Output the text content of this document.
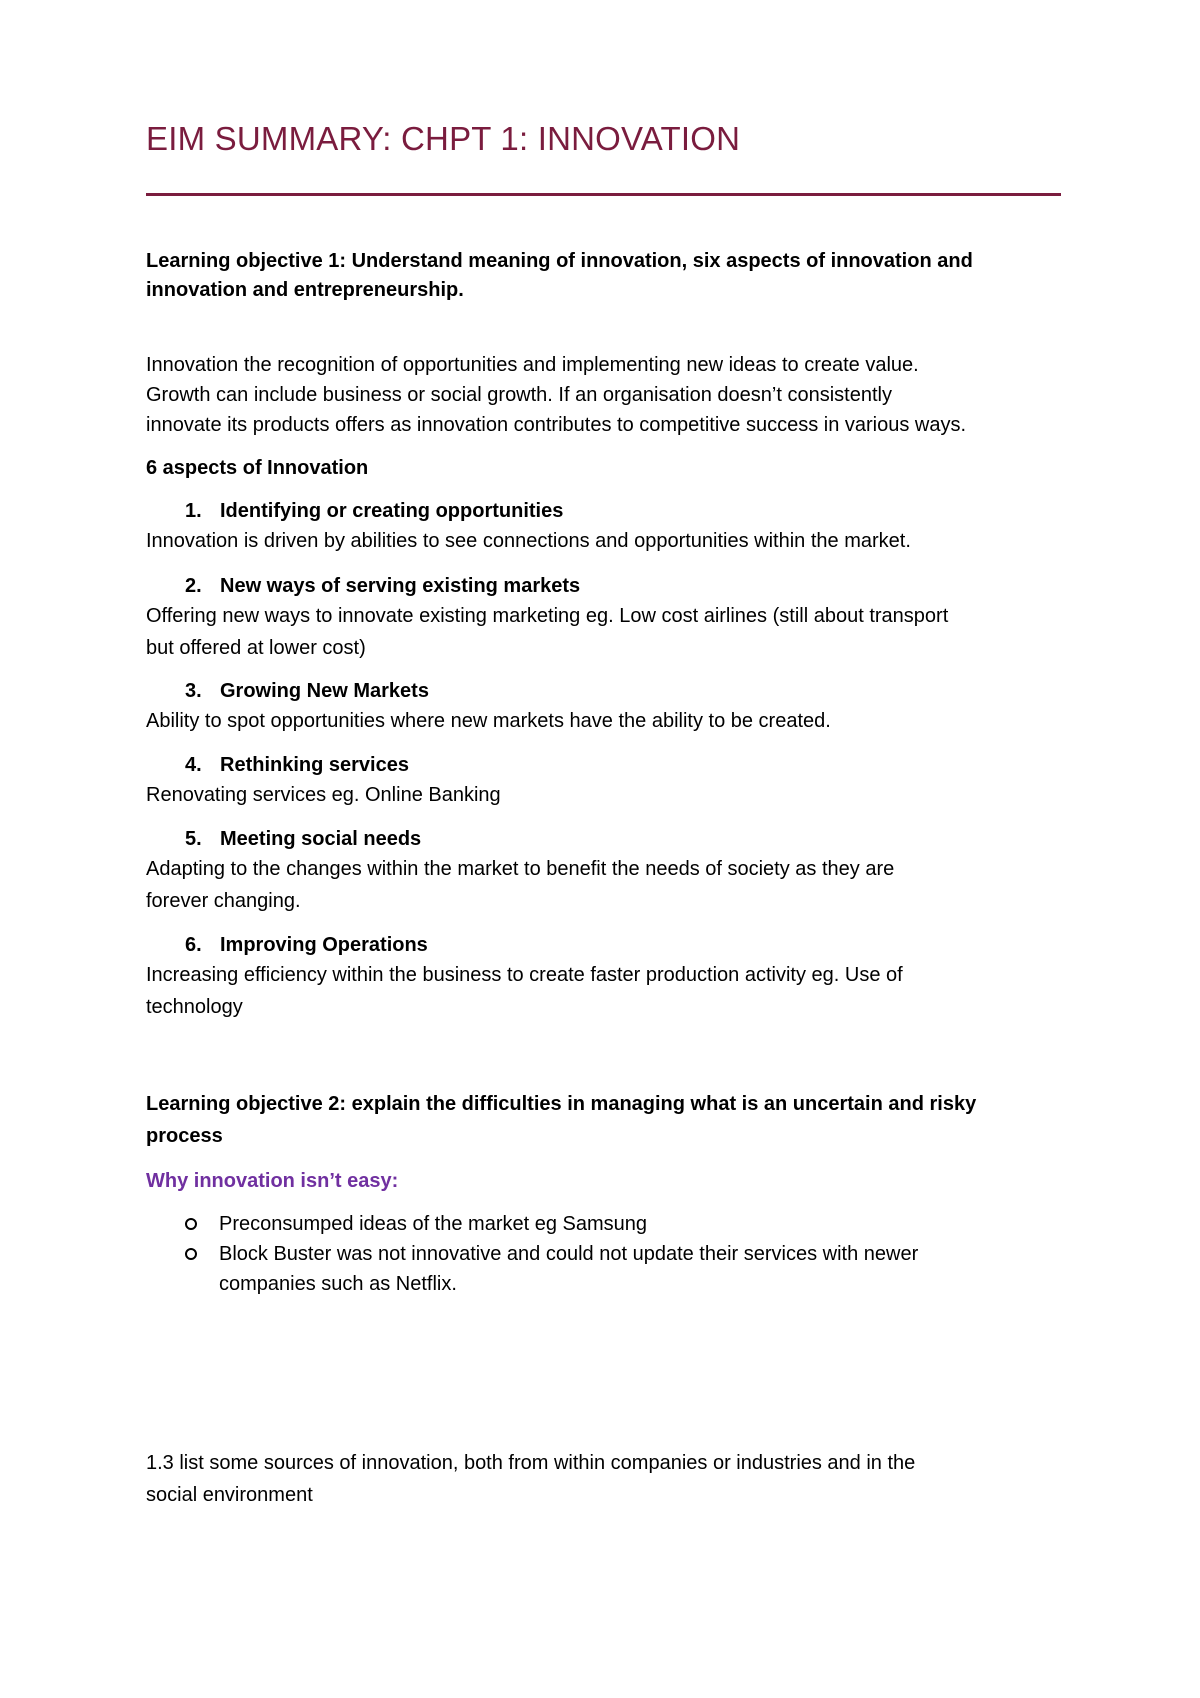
EIM SUMMARY: CHPT 1: INNOVATION
Learning objective 1: Understand meaning of innovation, six aspects of innovation and
innovation and entrepreneurship.
Innovation the recognition of opportunities and implementing new ideas to create value.
Growth can include business or social growth. If an organisation doesn’t consistently
innovate its products offers as innovation contributes to competitive success in various ways.
6 aspects of Innovation
1. Identifying or creating opportunities
Innovation is driven by abilities to see connections and opportunities within the market.
2. New ways of serving existing markets
Offering new ways to innovate existing marketing eg. Low cost airlines (still about transport
but offered at lower cost)
3. Growing New Markets
Ability to spot opportunities where new markets have the ability to be created.
4. Rethinking services
Renovating services eg. Online Banking
5. Meeting social needs
Adapting to the changes within the market to benefit the needs of society as they are
forever changing.
6. Improving Operations
Increasing efficiency within the business to create faster production activity eg. Use of
technology
Learning objective 2: explain the difficulties in managing what is an uncertain and risky
process
Why innovation isn’t easy:
Preconsumped ideas of the market eg Samsung
Block Buster was not innovative and could not update their services with newer
companies such as Netflix.
1.3 list some sources of innovation, both from within companies or industries and in the
social environment
